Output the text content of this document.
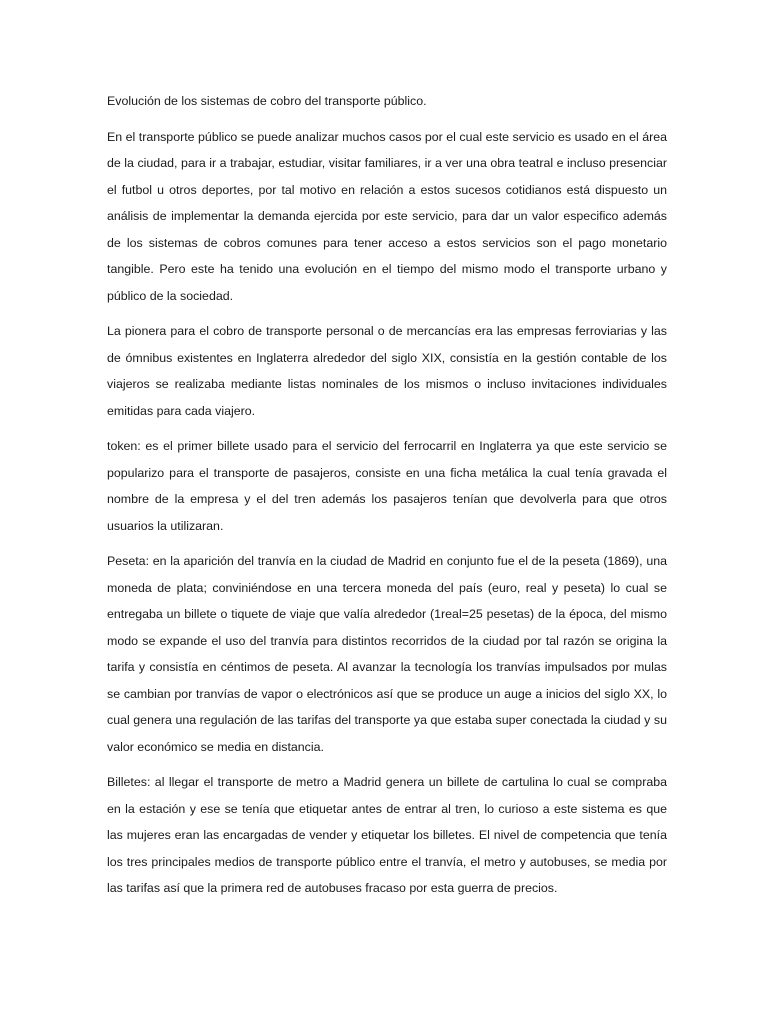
Evolución de los sistemas de cobro del transporte público.

En el transporte público se puede analizar muchos casos por el cual este servicio es usado en el área de la ciudad, para ir a trabajar, estudiar, visitar familiares, ir a ver una obra teatral e incluso presenciar el futbol u otros deportes, por tal motivo en relación a estos sucesos cotidianos está dispuesto un análisis de implementar la demanda ejercida por este servicio, para dar un valor especifico además de los sistemas de cobros comunes para tener acceso a estos servicios son el pago monetario tangible. Pero este ha tenido una evolución en el tiempo del mismo modo el transporte urbano y público de la sociedad.

La pionera para el cobro de transporte personal o de mercancías era las empresas ferroviarias y las de ómnibus existentes en Inglaterra alrededor del siglo XIX, consistía en la gestión contable de los viajeros se realizaba mediante listas nominales de los mismos o incluso invitaciones individuales emitidas para cada viajero.

token: es el primer billete usado para el servicio del ferrocarril en Inglaterra ya que este servicio se popularizo para el transporte de pasajeros, consiste en una ficha metálica la cual tenía gravada el nombre de la empresa y el del tren además los pasajeros tenían que devolverla para que otros usuarios la utilizaran.

Peseta: en la aparición del tranvía en la ciudad de Madrid en conjunto fue el de la peseta (1869), una moneda de plata; conviniéndose en una tercera moneda del país (euro, real y peseta) lo cual se entregaba un billete o tiquete de viaje que valía alrededor (1real=25 pesetas) de la época, del mismo modo se expande el uso del tranvía para distintos recorridos de la ciudad por tal razón se origina la tarifa y consistía en céntimos de peseta. Al avanzar la tecnología los tranvías impulsados por mulas se cambian por tranvías de vapor o electrónicos así que se produce un auge a inicios del siglo XX, lo cual genera una regulación de las tarifas del transporte ya que estaba super conectada la ciudad y su valor económico se media en distancia.

Billetes: al llegar el transporte de metro a Madrid genera un billete de cartulina lo cual se compraba en la estación y ese se tenía que etiquetar antes de entrar al tren, lo curioso a este sistema es que las mujeres eran las encargadas de vender y etiquetar los billetes. El nivel de competencia que tenía los tres principales medios de transporte público entre el tranvía, el metro y autobuses, se media por las tarifas así que la primera red de autobuses fracaso por esta guerra de precios.
